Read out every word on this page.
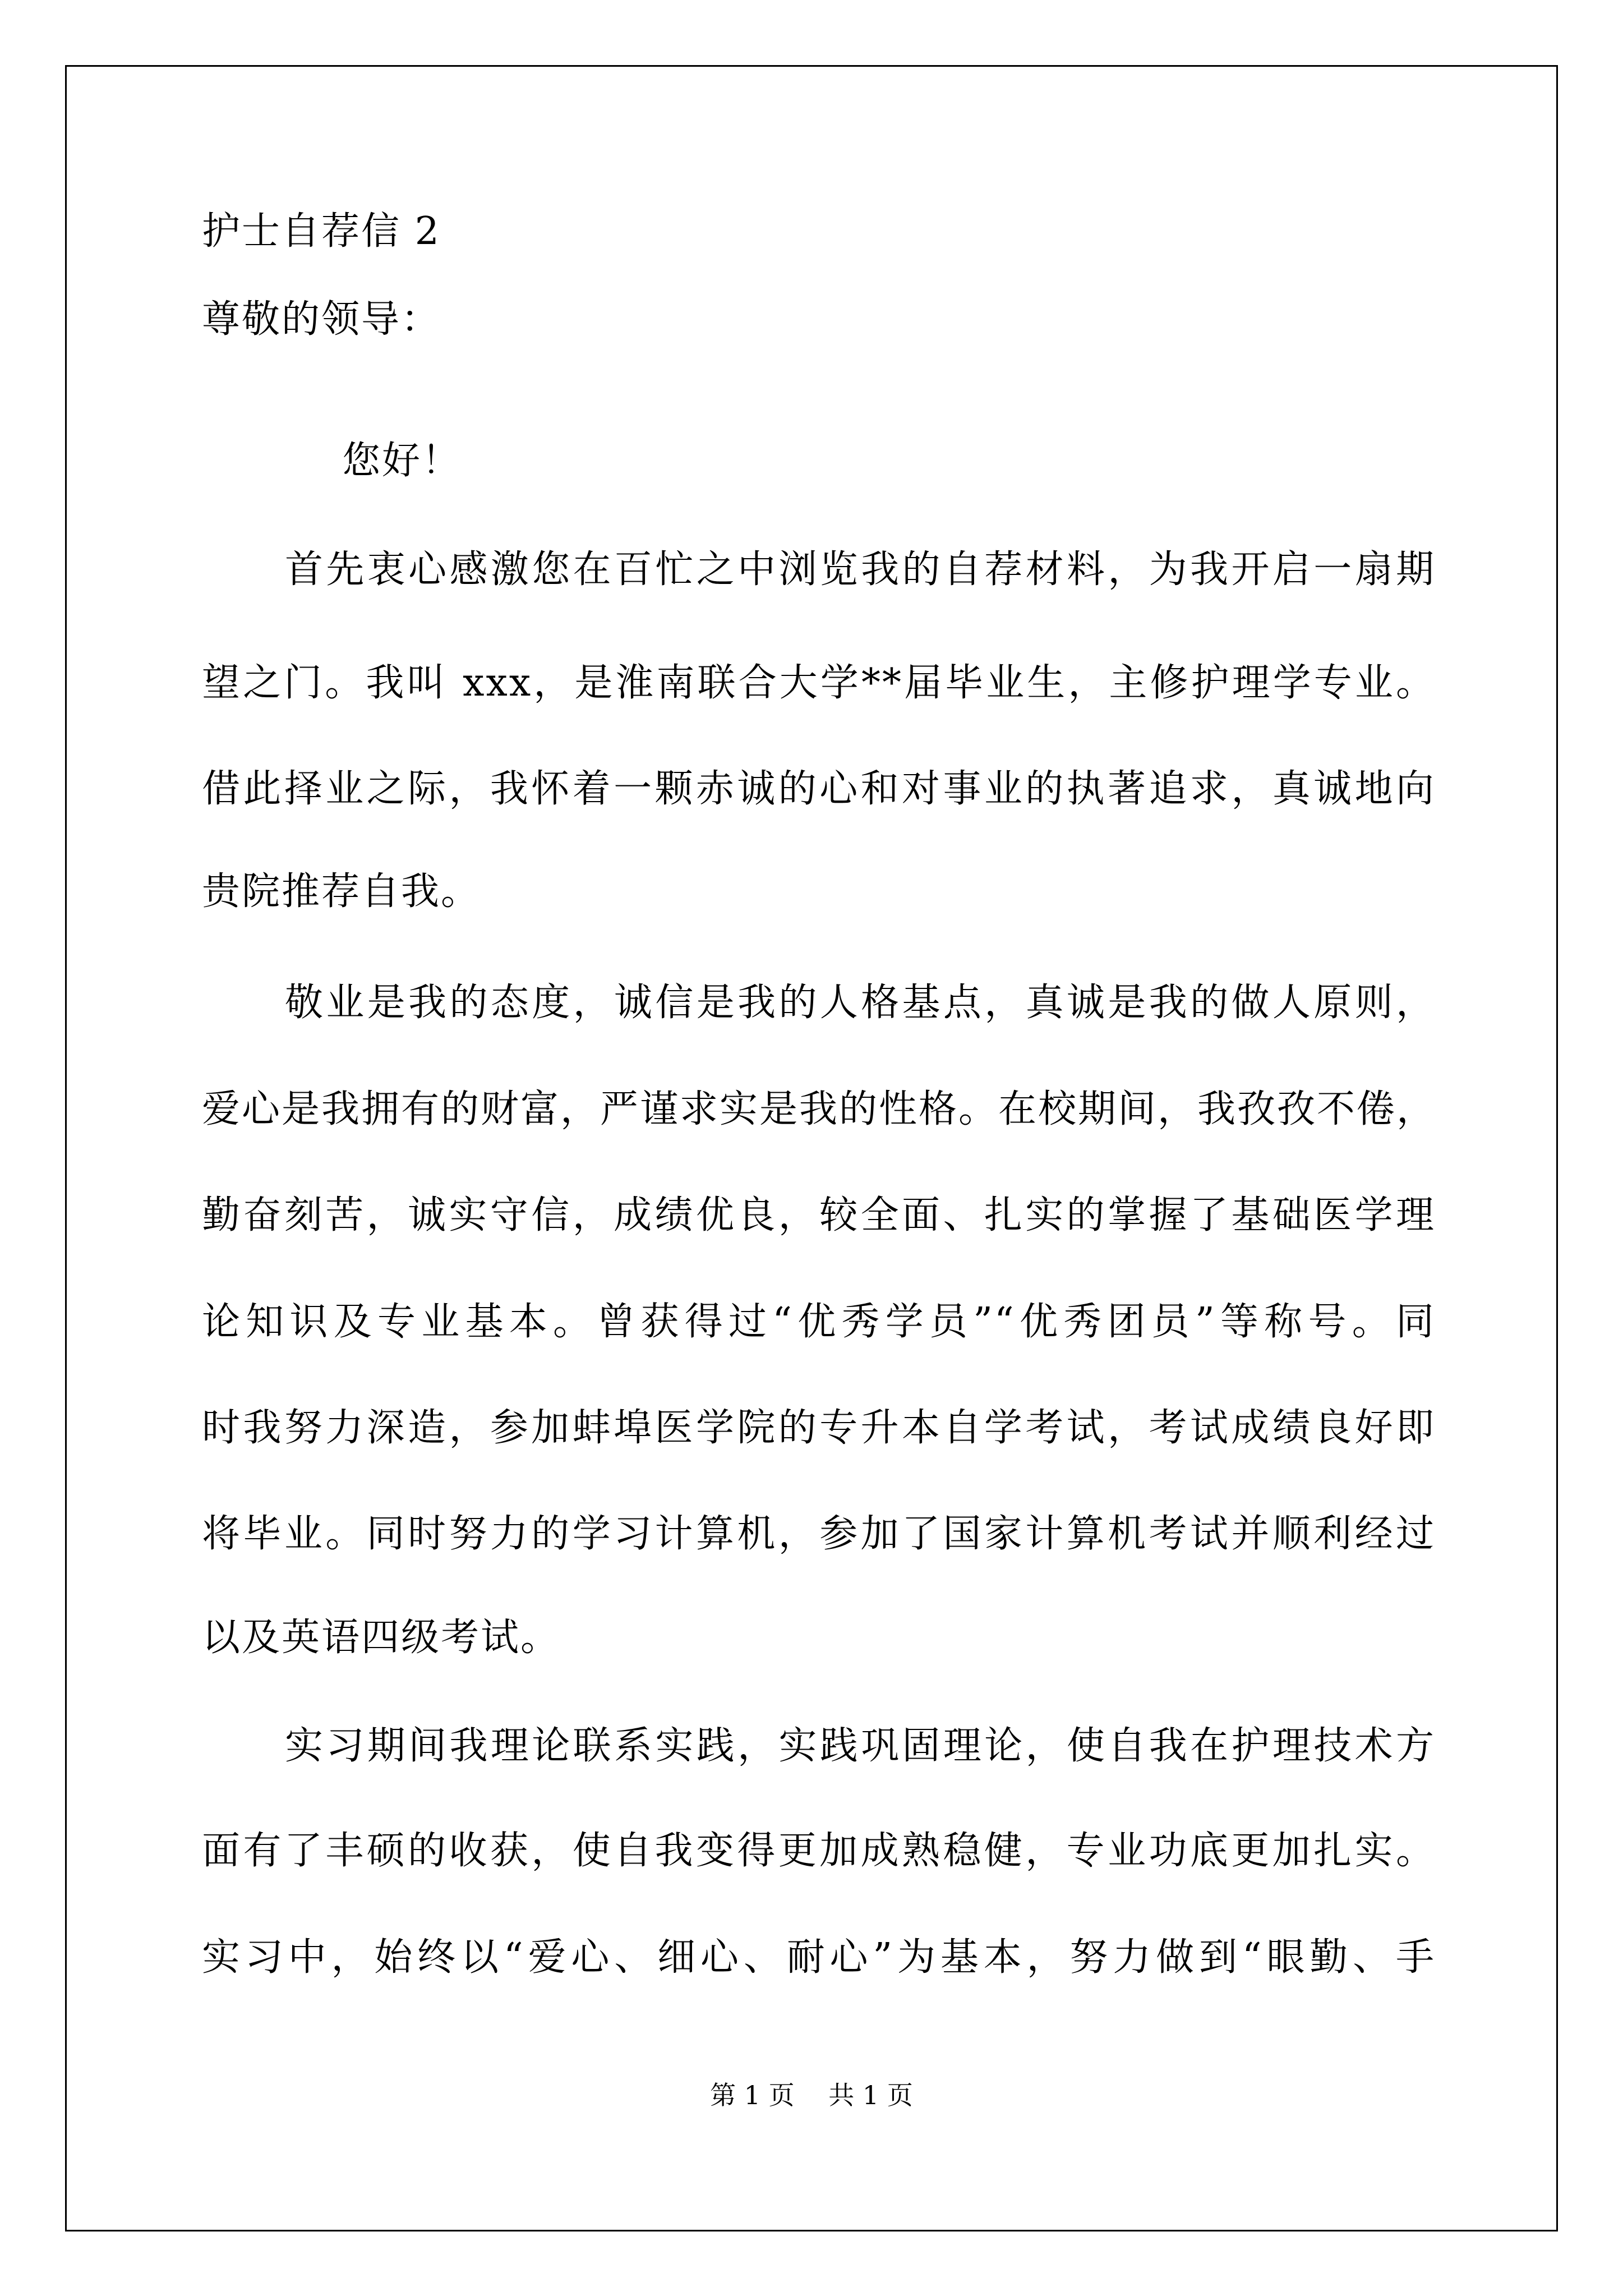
护士自荐信 2
尊敬的领导：
您好！
首先衷心感激您在百忙之中浏览我的自荐材料，为我开启一扇期
望之门。我叫 xxx，是淮南联合大学**届毕业生，主修护理学专业。
借此择业之际，我怀着一颗赤诚的心和对事业的执著追求，真诚地向
贵院推荐自我。
敬业是我的态度，诚信是我的人格基点，真诚是我的做人原则，
爱心是我拥有的财富，严谨求实是我的性格。在校期间，我孜孜不倦，
勤奋刻苦，诚实守信，成绩优良，较全面、扎实的掌握了基础医学理
论知识及专业基本。曾获得过“优秀学员”“优秀团员”等称号。同
时我努力深造，参加蚌埠医学院的专升本自学考试，考试成绩良好即
将毕业。同时努力的学习计算机，参加了国家计算机考试并顺利经过
以及英语四级考试。
实习期间我理论联系实践，实践巩固理论，使自我在护理技术方
面有了丰硕的收获，使自我变得更加成熟稳健，专业功底更加扎实。
实习中，始终以“爱心、细心、耐心”为基本，努力做到“眼勤、手
第 1 页　 共 1 页
